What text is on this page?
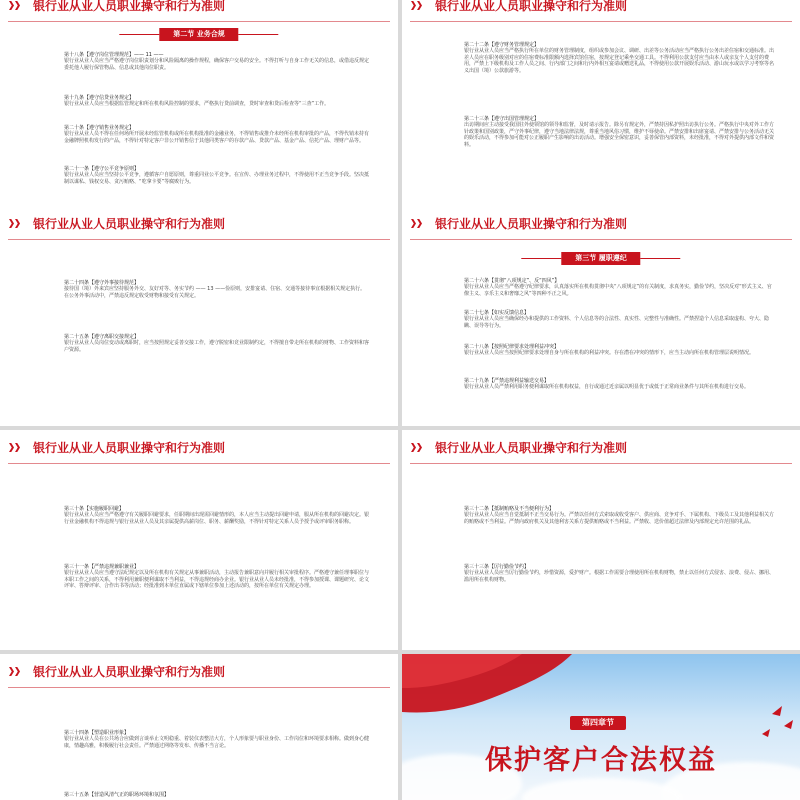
银行业从业人员职业操守和行为准则
第二节 业务合规
第十八条【遵守岗位管理规范】—— 11 ——
银行业从业人员应当严格遵守岗位职责划分和风险隔离的操作规程，确保客户交易的安全。不得打听与自身工作无关的信息，或借违反规定委托他人履行保管物品、信息或其他岗位职责。
第十九条【遵守信贷业务规定】
银行业从业人员应当根据监管规定和所在机构风险控制的要求，严格执行贷前调查，贷时审查和贷后检查等“三查”工作。
第二十条【遵守销售业务规定】
银行业从业人员不得在任何场所开展未经监管机构或所在机构批准的金融业务，不得销售或推介未经所在机构审批的产品，不得代销未持有金融牌照机构发行的产品，不得针对特定客户非公开销售信于其他同类客户的存款产品、贷款产品、基金产品、信托产品、理财产品等。
第二十一条【遵守公平竞争原则】
银行业从业人员应当坚持公平竞争，遵循客户自愿原则，尊重同业公平竞争。在宣传、办理业务过程中，不得使用不正当竞争手段。坚决抵制以谋私、钱权交易、贪污贿赂、“吃拿卡要”等腐败行为。
银行业从业人员职业操守和行为准则
第二十二条【遵守财务管理规定】
银行业从业人员应当严格执行所在单位的财务管理制度，组织或参加会议、调研、出差等公务活动应当严格执行公务出差住宿和交通标准。出差人员应在职务级别对应的住宿费标准限额内选择宾馆住宿，按规定登记乘坐交通工具。不得利用公款支付应当由本人或亲友个人支付的费用，严禁上下级机构及工作人员之间、行内部门之间和行内外相互宴请或赠送礼品，不得使用公款开展娱乐活动、游山玩水或以学习考察等名义出国（境）公款旅游等。
第二十三条【遵守出国管理规定】
出访期间应主动接受我国驻外使领馆的领导和监督，及时请示报告。除另有规定外，严禁持因私护照出访执行公务。严格执行中央对外工作方针政策和国别政策，严守外事纪律，遵守当地法律法规，尊重当地风俗习惯，维护不辱使命。严禁安排和出席宴请、严禁安排与公务活动无关的娱乐活动，不得参加可能对公正履职产生影响的出访活动。增强安全保密意识，妥善保管内部资料，未经批准，不得对外提供内部文件和资料。
银行业从业人员职业操守和行为准则
第二十四条【遵守外事接待规范】
接待国（境）外来宾应坚持服务外交、友好对等、务实节约 —— 13 ——俭原则，安排宴请、住宿、交通等接待事宜根据相关规定执行。在公务外事活动中，严禁违反规定收受财物和接受有关规定。
第二十五条【遵守离职交接规定】
银行业从业人员岗位变动或离职时，应当按照规定妥善交接工作，遵守脱密和竞业限制约定，不得擅自带走所在机构的财物、工作资料和客户资源。
银行业从业人员职业操守和行为准则
第三节 履职遵纪
第二十六条【贯彻“八项规定”、反“四风”】
银行业从业人员应当严格遵守纪律要求，认真落实所在机构贯彻中央“八项规定”的有关制度，求真务实，勤俭节约，坚决反对“形式主义、官僚主义、享乐主义和奢靡之风”等四种不正之风。
第二十七条【如实反馈信息】
银行业从业人员应当确保经办和提供的工作资料、个人信息等的合法性、真实性、完整性与准确性。严禁捏造个人信息采取虚构、夸大、隐瞒、误导等行为。
第二十八条【按照纪律要求处理利益冲突】
银行业从业人员应当按照纪律要求处理自身与所在机构的利益冲突。存在潜在冲突的情形下，应当主动向所在机构管理层说明情况。
第二十九条【严禁违规利益输送交易】
银行业从业人员严禁利用职务便利谋取所在机构权益，自行或通过近亲属以明显优于或低于正常商业条件与其所在机构进行交易。
银行业从业人员职业操守和行为准则
第三十条【实施履职回避】
银行业从业人员应当严格遵守有关履职回避要求，任职期间出现需回避情形的，本人应当主动提出回避申请，服从所在机构的回避决定。银行业金融机构不得违规与银行业从业人员及其亲属提供高薪岗位、职务、薪酬奖励，不得针对特定关系人员予授予或评审职务职称。
第三十一条【严禁违规兼职兼业】
银行业从业人员应当遵守法纪规定以及所在机构有关规定从事兼职活动，主动报告兼职意向并履行相关审批程序。严格遵守兼任理事职位与本职工作之间的关系，不得利用兼职便利谋取不当利益，不得违规经商办企业。银行业从业人员未经批准，不得参加授课、课题研究、论文评审、答辩评审、合作出书等活动；经批准到本单位直属或下辖单位参加上述活动的，按所在单位有关规定办理。
银行业从业人员职业操守和行为准则
第三十二条【抵制贿赂及不当便利行为】
银行业从业人员应当自觉抵制不正当交易行为。严禁以任何方式索取或收受客户、供应商、竞争对手、下属机构、下级员工及其他利益相关方的贿赂或不当利益。严禁向政府机关及其他利害关系方提供贿赂或不当利益。严禁收、送价值超过法律及内部规定允许范围的礼品。
第三十三条【厉行勤俭节约】
银行业从业人员应当厉行勤俭节约，珍惜资源，爱护财产。根据工作需要合理使用所在机构财物，禁止以任何方式侵害、浪费、侵占、挪用、滥用所在机构财物。
银行业从业人员职业操守和行为准则
第三十四条【塑造职业形象】
银行业从业人员在公共场合应做到言谈举止文明稳重、着装仪表整洁大方，个人形象要与职业身份、工作岗位和环境要求相称。做到身心健康，情趣高雅，积极履行社会责任。严禁通过网络等发布、传播不当言论。
第三十五条【营造风清气正的职场环境和氛围】
第四章节
保护客户合法权益
